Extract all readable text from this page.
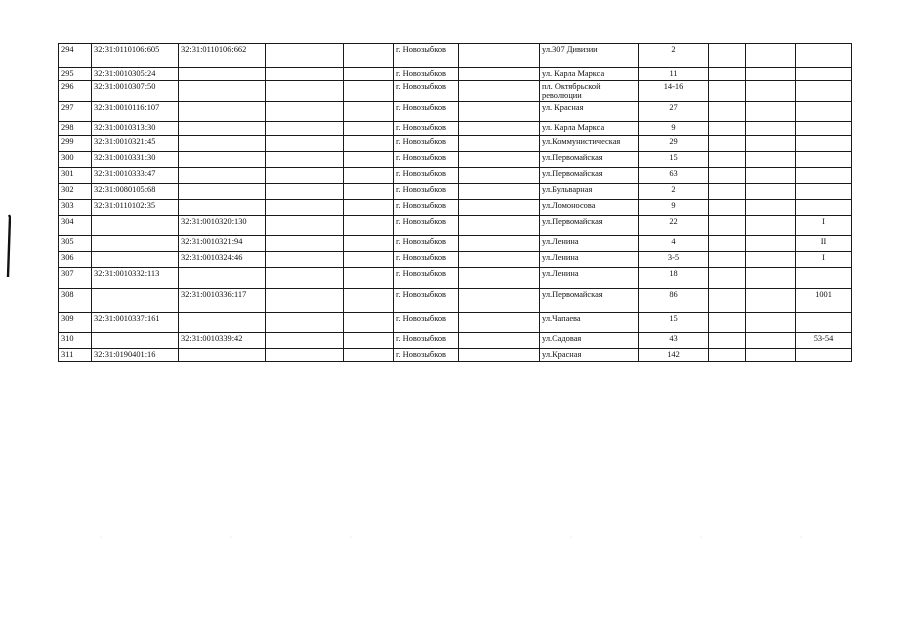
294	32:31:0110106:605	32:31:0110106:662			г. Новозыбков		ул.307 Дивизии	2			
295	32:31:0010305:24				г. Новозыбков		ул. Карла Маркса	11			
296	32:31:0010307:50				г. Новозыбков		пл. Октябрьской революции	14-16			
297	32:31:0010116:107				г. Новозыбков		ул. Красная	27			
298	32:31:0010313:30				г. Новозыбков		ул. Карла Маркса	9			
299	32:31:0010321:45				г. Новозыбков		ул.Коммунистическая	29			
300	32:31:0010331:30				г. Новозыбков		ул.Первомайская	15			
301	32:31:0010333:47				г. Новозыбков		ул.Первомайская	63			
302	32:31:0080105:68				г. Новозыбков		ул.Бульварная	2			
303	32:31:0110102:35				г. Новозыбков		ул.Ломоносова	9			
304		32:31:0010320:130			г. Новозыбков		ул.Первомайская	22			I
305		32:31:0010321:94			г. Новозыбков		ул.Ленина	4			II
306		32:31:0010324:46			г. Новозыбков		ул.Ленина	3-5			I
307	32:31:0010332:113				г. Новозыбков		ул.Ленина	18			
308		32:31:0010336:117			г. Новозыбков		ул.Первомайская	86			1001
309	32:31:0010337:161				г. Новозыбков		ул.Чапаева	15			
310		32:31:0010339:42			г. Новозыбков		ул.Садовая	43			53-54
311	32:31:0190401:16				г. Новозыбков		ул.Красная	142			
·	·	·	·	·	·
